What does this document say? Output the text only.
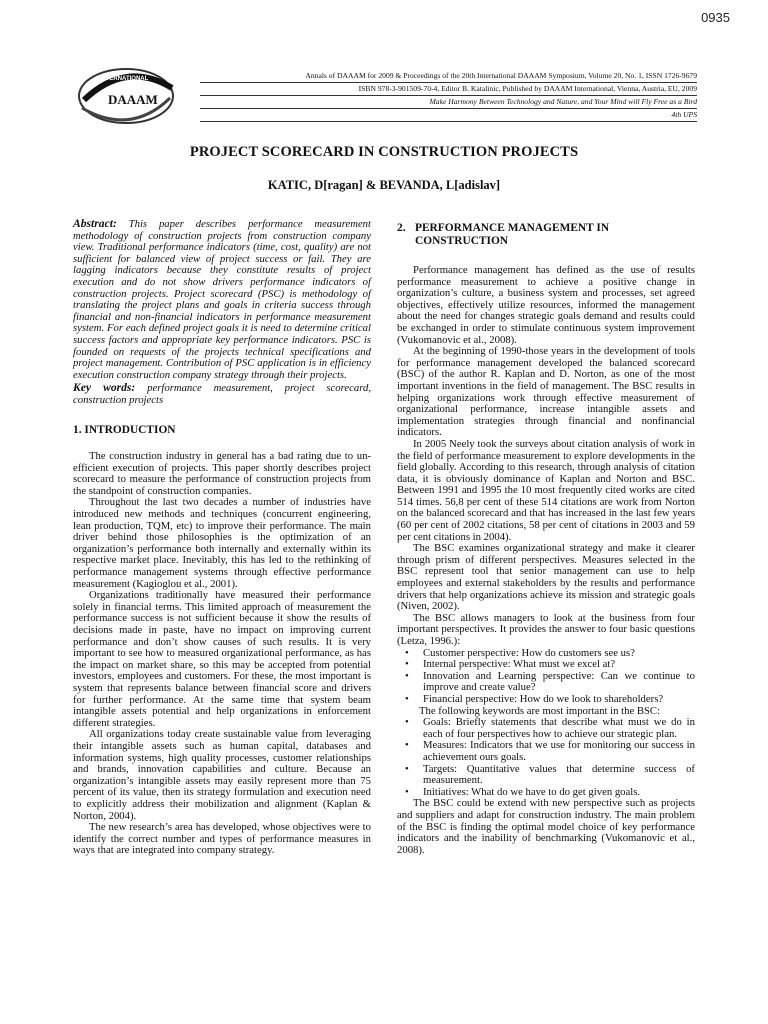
0935
INTERNATIONAL
DAAAM
Annals of DAAAM for 2009 & Proceedings of the 20th International DAAAM Symposium, Volume 20, No. 1, ISSN 1726-9679
ISBN 978-3-901509-70-4, Editor B. Katalinic, Published by DAAAM International, Vienna, Austria, EU, 2009
Make Harmony Between Technology and Nature, and Your Mind will Fly Free as a Bird
4th UPS
PROJECT SCORECARD IN CONSTRUCTION PROJECTS
KATIC, D[ragan] & BEVANDA, L[adislav]

Abstract: This paper describes performance measurement methodology of construction projects from construction company view. Traditional performance indicators (time, cost, quality) are not sufficient for balanced view of project success or fail. They are lagging indicators because they constitute results of project execution and do not show drivers performance indicators of construction projects. Project scorecard (PSC) is methodology of translating the project plans and goals in criteria success through financial and non-financial indicators in performance measurement system. For each defined project goals it is need to determine critical success factors and appropriate key performance indicators. PSC is founded on requests of the projects technical specifications and project management. Contribution of PSC application is in efficiency execution construction company strategy through their projects.

Key words: performance measurement, project scorecard, construction projects

1. INTRODUCTION

The construction industry in general has a bad rating due to un-efficient execution of projects. This paper shortly describes project scorecard to measure the performance of construction projects from the standpoint of construction companies.

Throughout the last two decades a number of industries have introduced new methods and techniques (concurrent engineering, lean production, TQM, etc) to improve their performance. The main driver behind those philosophies is the optimization of an organization’s performance both internally and externally within its respective market place. Inevitably, this has led to the rethinking of performance management systems through effective performance measurement (Kagioglou et al., 2001).

Organizations traditionally have measured their performance solely in financial terms. This limited approach of measurement the performance success is not sufficient because it show the results of decisions made in paste, have no impact on improving current performance and don’t show causes of such results. It is very important to see how to measured organizational performance, as has the impact on market share, so this may be accepted from potential investors, employees and customers. For these, the most important is system that represents balance between financial score and drivers for further performance. At the same time that system beam intangible assets potential and help organizations in enforcement different strategies.

All organizations today create sustainable value from leveraging their intangible assets such as human capital, databases and information systems, high quality processes, customer relationships and brands, innovation capabilities and culture. Because an organization’s intangible assets may easily represent more than 75 percent of its value, then its strategy formulation and execution need to explicitly address their mobilization and alignment (Kaplan & Norton, 2004).

The new research’s area has developed, whose objectives were to identify the correct number and types of performance measures in ways that are integrated into company strategy.

2. PERFORMANCE MANAGEMENT IN CONSTRUCTION

Performance management has defined as the use of results performance measurement to achieve a positive change in organization’s culture, a business system and processes, set agreed objectives, effectively utilize resources, informed the management about the need for changes strategic goals demand and results could be exchanged in order to stimulate continuous system improvement (Vukomanovic et al., 2008).

At the beginning of 1990-those years in the development of tools for performance management developed the balanced scorecard (BSC) of the author R. Kaplan and D. Norton, as one of the most important inventions in the field of management. The BSC results in helping organizations work through effective measurement of organizational performance, increase intangible assets and implementation strategies through financial and nonfinancial indicators.

In 2005 Neely took the surveys about citation analysis of work in the field of performance measurement to explore developments in the field globally. According to this research, through analysis of citation data, it is obviously dominance of Kaplan and Norton and BSC. Between 1991 and 1995 the 10 most frequently cited works are cited 514 times. 56,8 per cent of these 514 citations are work from Norton on the balanced scorecard and that has increased in the last few years (60 per cent of 2002 citations, 58 per cent of citations in 2003 and 59 per cent citations in 2004).

The BSC examines organizational strategy and make it clearer through prism of different perspectives. Measures selected in the BSC represent tool that senior management can use to help employees and external stakeholders by the results and performance drivers that help organizations achieve its mission and strategic goals (Niven, 2002).

The BSC allows managers to look at the business from four important perspectives. It provides the answer to four basic questions (Letza, 1996.):

• Customer perspective: How do customers see us?
• Internal perspective: What must we excel at?
• Innovation and Learning perspective: Can we continue to improve and create value?
• Financial perspective: How do we look to shareholders?

The following keywords are most important in the BSC:

• Goals: Briefly statements that describe what must we do in each of four perspectives how to achieve our strategic plan.
• Measures: Indicators that we use for monitoring our success in achievement ours goals.
• Targets: Quantitative values that determine success of measurement.
• Initiatives: What do we have to do get given goals.

The BSC could be extend with new perspective such as projects and suppliers and adapt for construction industry. The main problem of the BSC is finding the optimal model choice of key performance indicators and the inability of benchmarking (Vukomanovic et al., 2008).
